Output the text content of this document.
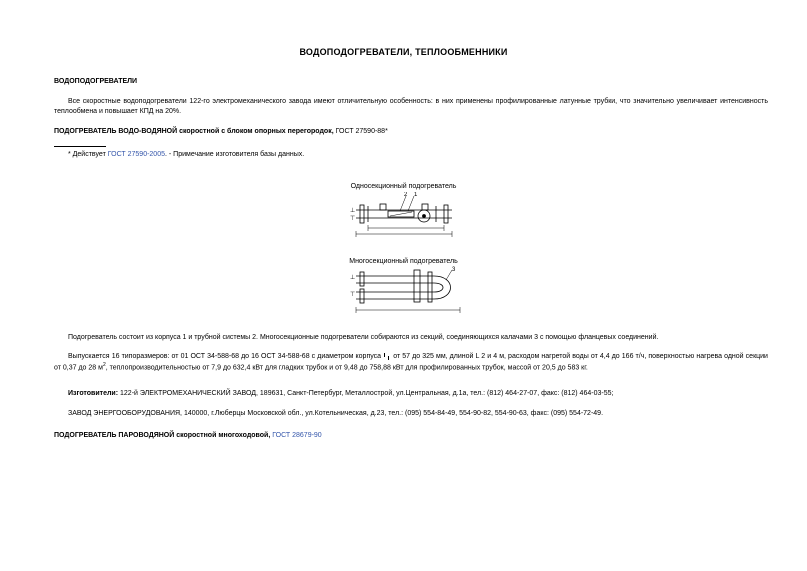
ВОДОПОДОГРЕВАТЕЛИ, ТЕПЛООБМЕННИКИ
ВОДОПОДОГРЕВАТЕЛИ
Все скоростные водоподогреватели 122-го электромеханического завода имеют отличительную особенность: в них применены профилированные латунные трубки, что значительно увеличивает интенсивность теплообмена и повышает КПД на 20%.
ПОДОГРЕВАТЕЛЬ ВОДО-ВОДЯНОЙ скоростной с блоком опорных перегородок, ГОСТ 27590-88*
* Действует ГОСТ 27590-2005. - Примечание изготовителя базы данных.
Односекционный подогреватель
2 1
⊥
⊤
Многосекционный подогреватель
3
⊥
⊤
Подогреватель состоит из корпуса 1 и трубной системы 2. Многосекционные подогреватели собираются из секций, соединяющихся калачами 3 с помощью фланцевых соединений.
Выпускается 16 типоразмеров: от 01 ОСТ 34-588-68 до 16 ОСТ 34-588-68 с диаметром корпуса от 57 до 325 мм, длиной L 2 и 4 м, расходом нагретой воды от 4,4 до 166 т/ч, поверхностью нагрева одной секции от 0,37 до 28 $м^2$, теплопроизводительностью от 7,9 до 632,4 кВт для гладких трубок и от 9,48 до 758,88 кВт для профилированных трубок, массой от 20,5 до 583 кг.
Изготовители: 122-й ЭЛЕКТРОМЕХАНИЧЕСКИЙ ЗАВОД, 189631, Санкт-Петербург, Металлострой, ул.Центральная, д.1а, тел.: (812) 464-27-07, факс: (812) 464-03-55;
ЗАВОД ЭНЕРГООБОРУДОВАНИЯ, 140000, г.Люберцы Московской обл., ул.Котельническая, д.23, тел.: (095) 554-84-49, 554-90-82, 554-90-63, факс: (095) 554-72-49.
ПОДОГРЕВАТЕЛЬ ПАРОВОДЯНОЙ скоростной многоходовой, ГОСТ 28679-90
